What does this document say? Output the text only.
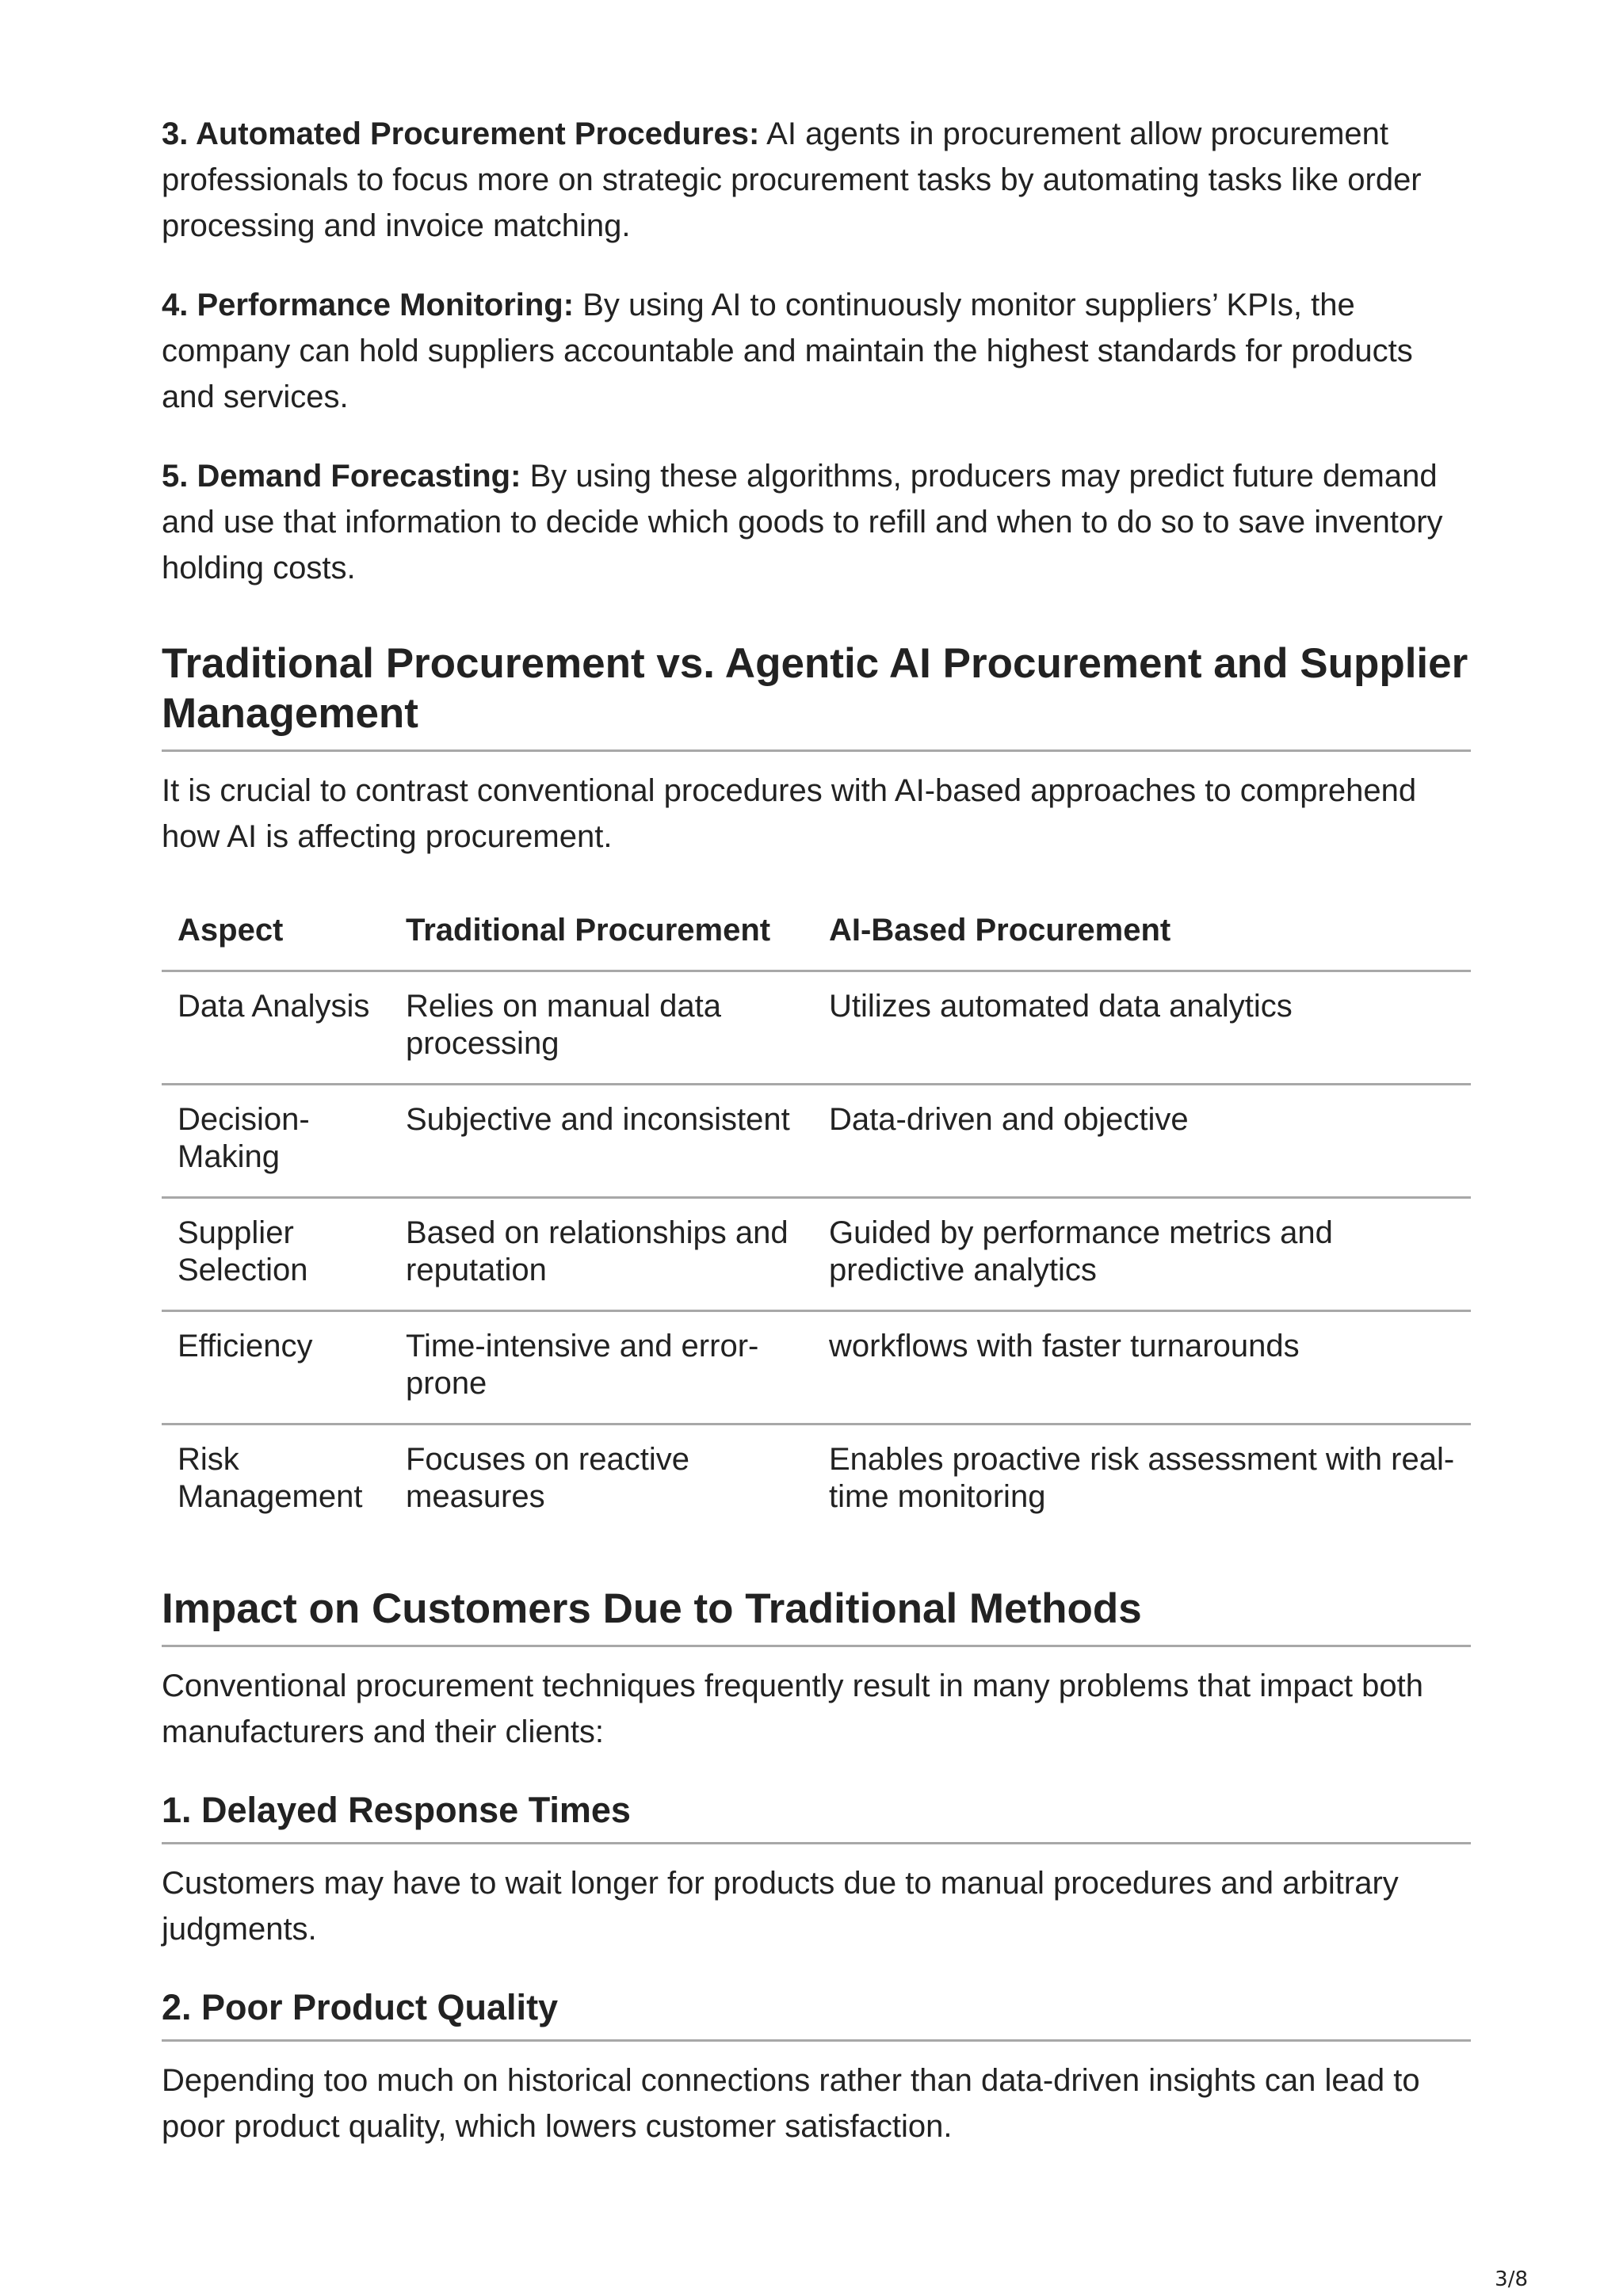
3. Automated Procurement Procedures: AI agents in procurement allow procurement professionals to focus more on strategic procurement tasks by automating tasks like order processing and invoice matching.

4. Performance Monitoring: By using AI to continuously monitor suppliers’ KPIs, the company can hold suppliers accountable and maintain the highest standards for products and services.

5. Demand Forecasting: By using these algorithms, producers may predict future demand and use that information to decide which goods to refill and when to do so to save inventory holding costs.

Traditional Procurement vs. Agentic AI Procurement and Supplier Management

It is crucial to contrast conventional procedures with AI-based approaches to comprehend how AI is affecting procurement.

Aspect	Traditional Procurement	AI-Based Procurement
Data Analysis	Relies on manual data processing	Utilizes automated data analytics
Decision-Making	Subjective and inconsistent	Data-driven and objective
Supplier Selection	Based on relationships and reputation	Guided by performance metrics and predictive analytics
Efficiency	Time-intensive and error-prone	workflows with faster turnarounds
Risk Management	Focuses on reactive measures	Enables proactive risk assessment with real-time monitoring
Impact on Customers Due to Traditional Methods

Conventional procurement techniques frequently result in many problems that impact both manufacturers and their clients:

1. Delayed Response Times

Customers may have to wait longer for products due to manual procedures and arbitrary judgments.

2. Poor Product Quality

Depending too much on historical connections rather than data-driven insights can lead to poor product quality, which lowers customer satisfaction.

3/8
